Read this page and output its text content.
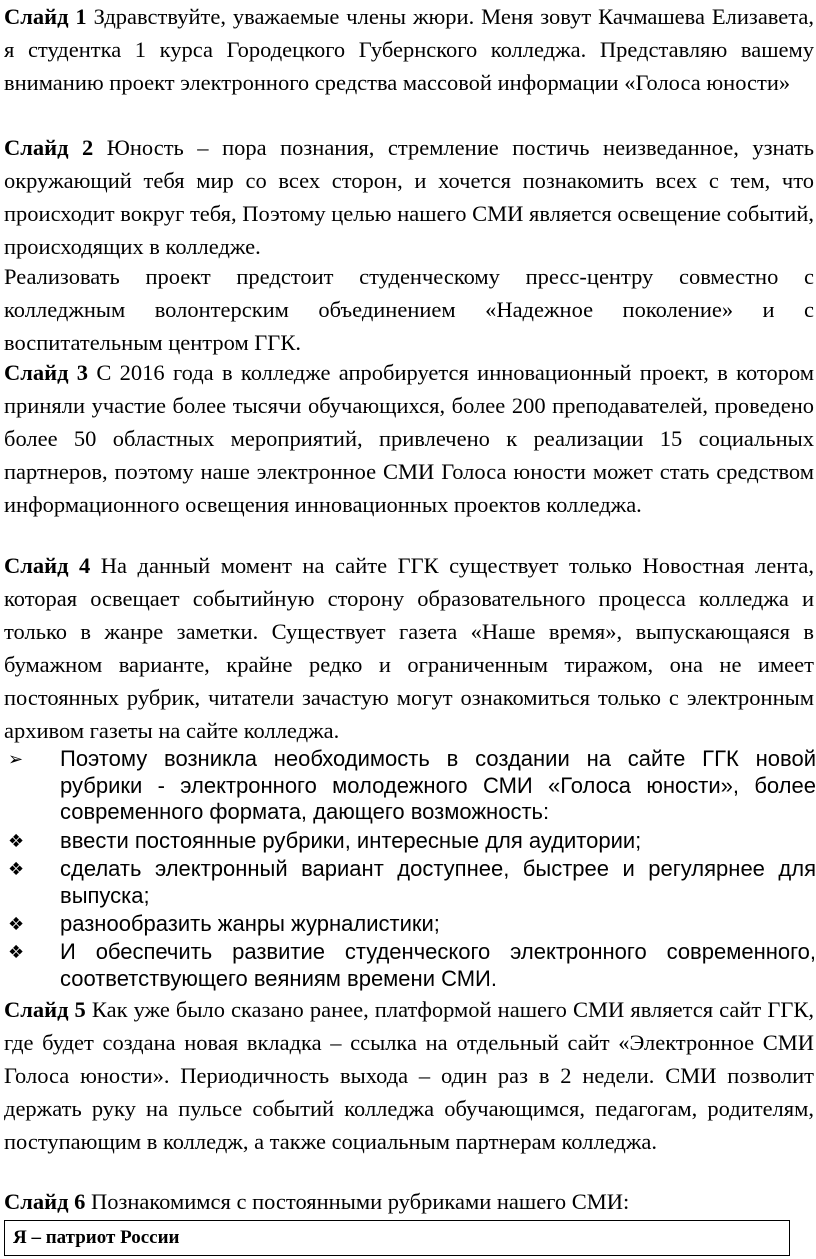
Слайд 1 Здравствуйте, уважаемые члены жюри. Меня зовут Качмашева Елизавета, я студентка 1 курса Городецкого Губернского колледжа. Представляю вашему вниманию проект электронного средства массовой информации «Голоса юности»

Слайд 2 Юность – пора познания, стремление постичь неизведанное, узнать окружающий тебя мир со всех сторон, и хочется познакомить всех с тем, что происходит вокруг тебя, Поэтому целью нашего СМИ является освещение событий, происходящих в колледже.

Реализовать проект предстоит студенческому пресс-центру совместно с колледжным волонтерским объединением «Надежное поколение» и с воспитательным центром ГГК.

Слайд 3 С 2016 года в колледже апробируется инновационный проект, в котором приняли участие более тысячи обучающихся, более 200 преподавателей, проведено более 50 областных мероприятий, привлечено к реализации 15 социальных партнеров, поэтому наше электронное СМИ Голоса юности может стать средством информационного освещения инновационных проектов колледжа.

Слайд 4 На данный момент на сайте ГГК существует только Новостная лента, которая освещает событийную сторону образовательного процесса колледжа и только в жанре заметки. Существует газета «Наше время», выпускающаяся в бумажном варианте, крайне редко и ограниченным тиражом, она не имеет постоянных рубрик, читатели зачастую могут ознакомиться только с электронным архивом газеты на сайте колледжа.

➢	Поэтому возникла необходимость в создании на сайте ГГК новой рубрики - электронного молодежного СМИ «Голоса юности», более современного формата, дающего возможность:
❖	ввести постоянные рубрики, интересные для аудитории;
❖	сделать электронный вариант доступнее, быстрее и регулярнее для выпуска;
❖	разнообразить жанры журналистики;
❖	И обеспечить развитие студенческого электронного современного, соответствующего веяниям времени СМИ.

Слайд 5 Как уже было сказано ранее, платформой нашего СМИ является сайт ГГК, где будет создана новая вкладка – ссылка на отдельный сайт «Электронное СМИ Голоса юности». Периодичность выхода – один раз в 2 недели. СМИ позволит держать руку на пульсе событий колледжа обучающимся, педагогам, родителям, поступающим в колледж, а также социальным партнерам колледжа.

Слайд 6 Познакомимся с постоянными рубриками нашего СМИ:

Я – патриот России
